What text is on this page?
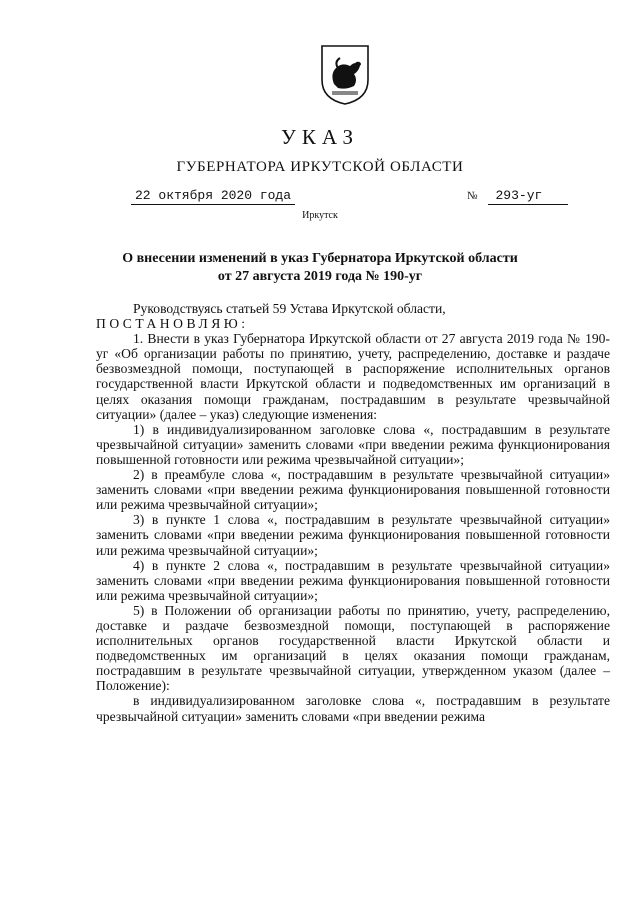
УКАЗ
ГУБЕРНАТОРА ИРКУТСКОЙ ОБЛАСТИ
22 октября 2020 года	№ 293-уг
Иркутск
О внесении изменений в указ Губернатора Иркутской области
от 27 августа 2019 года № 190-уг

Руководствуясь статьей 59 Устава Иркутской области,

ПОСТАНОВЛЯЮ:

1. Внести в указ Губернатора Иркутской области от 27 августа 2019 года № 190-уг «Об организации работы по принятию, учету, распределению, доставке и раздаче безвозмездной помощи, поступающей в распоряжение исполнительных органов государственной власти Иркутской области и подведомственных им организаций в целях оказания помощи гражданам, пострадавшим в результате чрезвычайной ситуации» (далее – указ) следующие изменения:

1) в индивидуализированном заголовке слова «, пострадавшим в результате чрезвычайной ситуации» заменить словами «при введении режима функционирования повышенной готовности или режима чрезвычайной ситуации»;

2) в преамбуле слова «, пострадавшим в результате чрезвычайной ситуации» заменить словами «при введении режима функционирования повышенной готовности или режима чрезвычайной ситуации»;

3) в пункте 1 слова «, пострадавшим в результате чрезвычайной ситуации» заменить словами «при введении режима функционирования повышенной готовности или режима чрезвычайной ситуации»;

4) в пункте 2 слова «, пострадавшим в результате чрезвычайной ситуации» заменить словами «при введении режима функционирования повышенной готовности или режима чрезвычайной ситуации»;

5) в Положении об организации работы по принятию, учету, распределению, доставке и раздаче безвозмездной помощи, поступающей в распоряжение исполнительных органов государственной власти Иркутской области и подведомственных им организаций в целях оказания помощи гражданам, пострадавшим в результате чрезвычайной ситуации, утвержденном указом (далее – Положение):

в индивидуализированном заголовке слова «, пострадавшим в результате чрезвычайной ситуации» заменить словами «при введении режима
